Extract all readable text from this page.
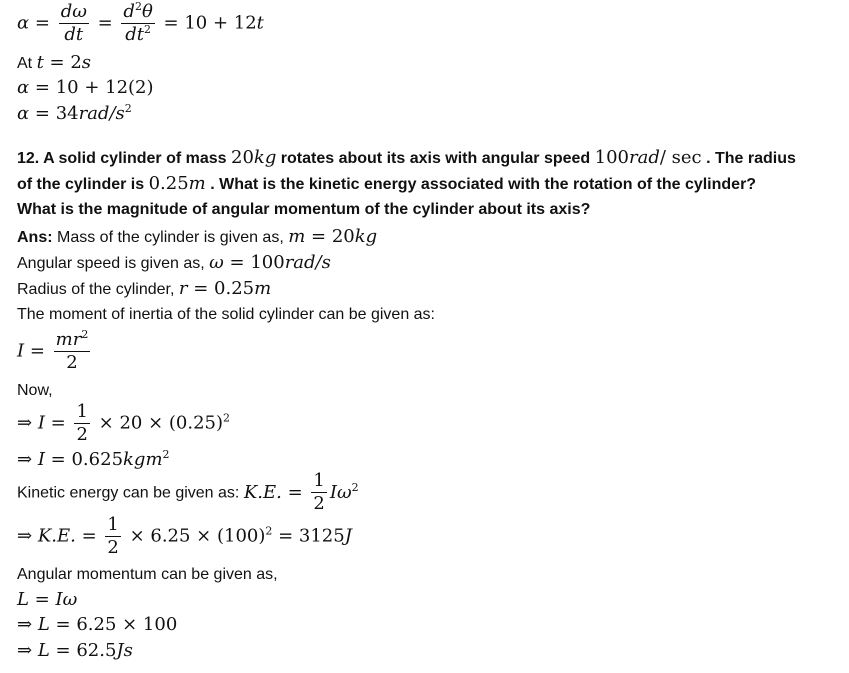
$\alpha = \frac{d\omega}{dt} = \frac{d^2\theta}{dt^2} = 10 + 12t$
At t = 2s
α = 10 + 12(2)
$\alpha = 34rad/s^2$
12. A solid cylinder of mass 20kg rotates about its axis with angular speed 100rad/ sec . The radius
of the cylinder is 0.25m . What is the kinetic energy associated with the rotation of the cylinder?
What is the magnitude of angular momentum of the cylinder about its axis?
Ans: Mass of the cylinder is given as, m = 20kg
Angular speed is given as, ω = 100rad/s
Radius of the cylinder, r = 0.25m
The moment of inertia of the solid cylinder can be given as:
$I = \frac{mr^2}{2}$
Now,
⇒ $I = \frac{1}{2} \times 20 \times (0.25)^2$
⇒ I = 0.625kgm$^2$
Kinetic energy can be given as: K.E. = $\frac{1}{2} I\omega^2$
⇒ K.E. = $\frac{1}{2} \times 6.25 \times (100)^2 = 3125J$
Angular momentum can be given as,
L = Iω
⇒ L = 6.25 × 100
⇒ L = 62.5Js
